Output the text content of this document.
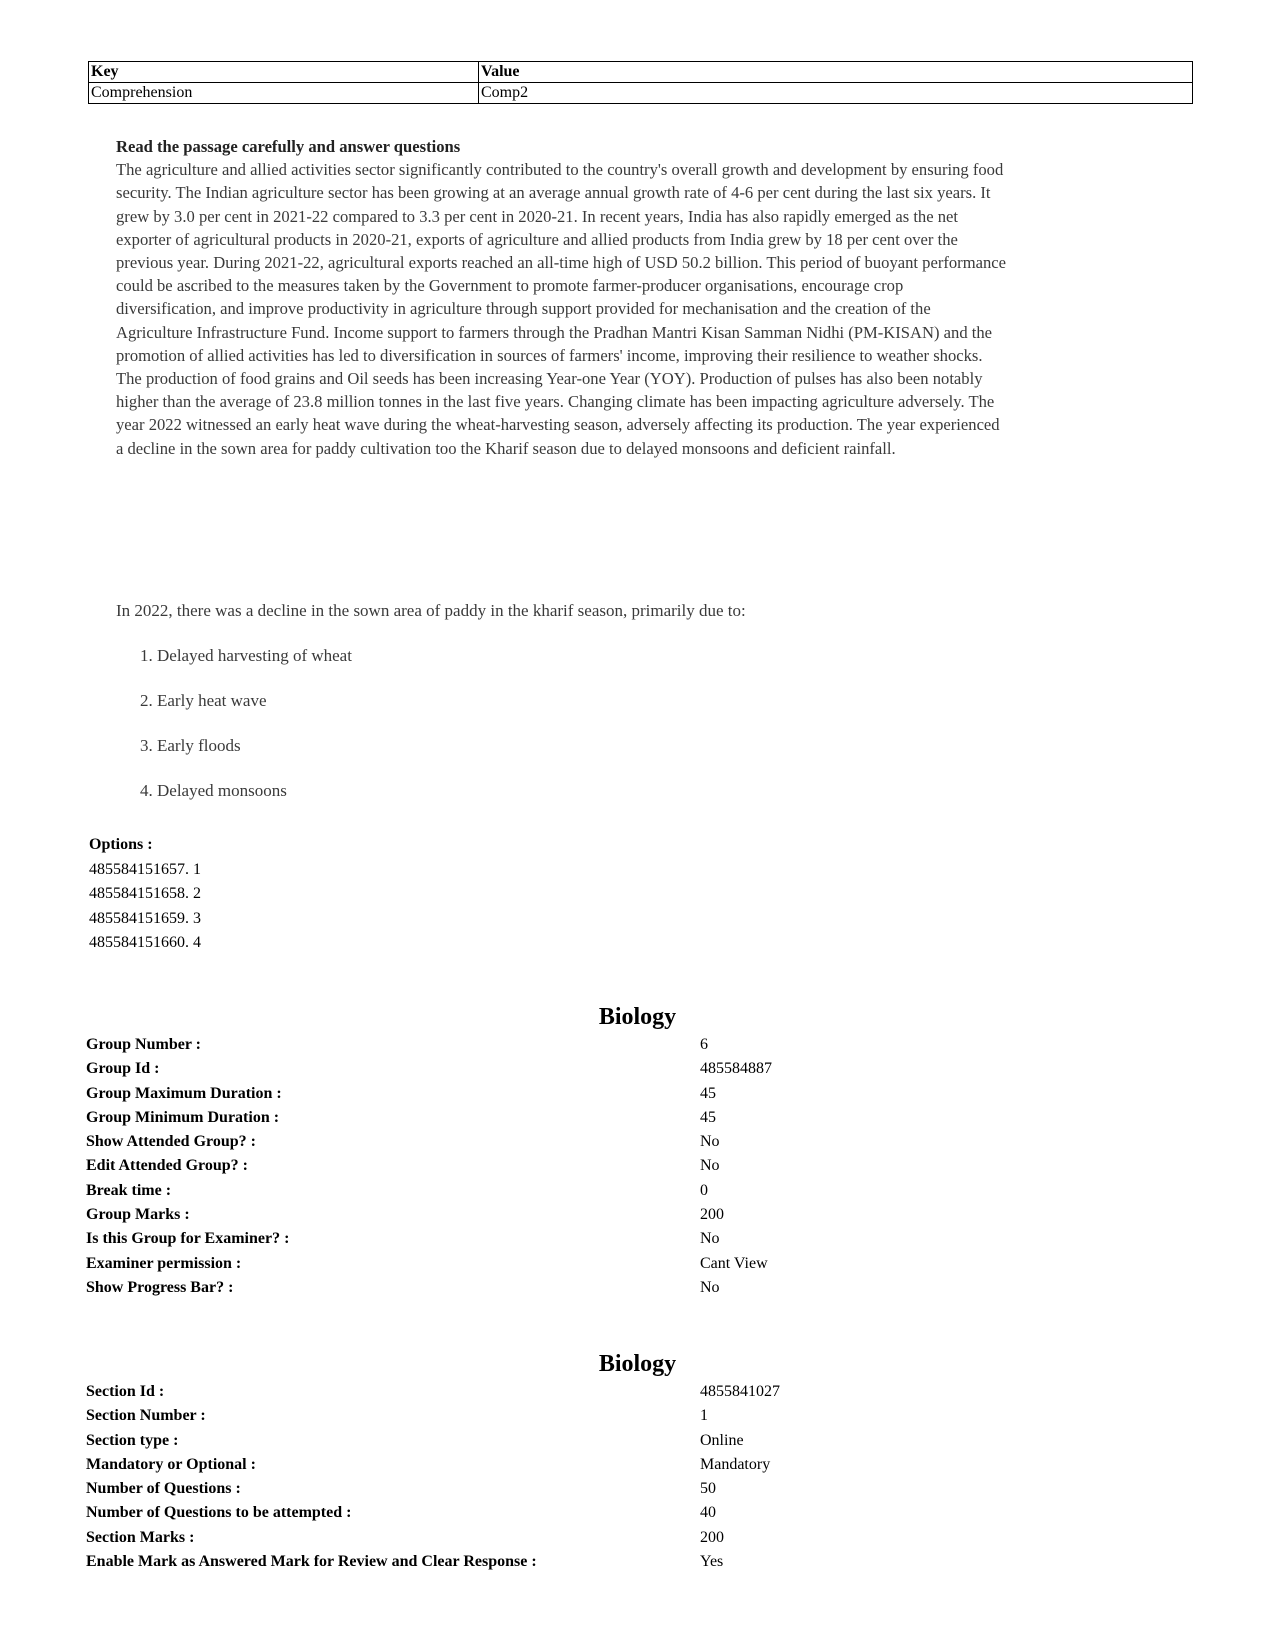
Key	Value
Comprehension	Comp2

Read the passage carefully and answer questions

The agriculture and allied activities sector significantly contributed to the country's overall growth and development by ensuring food security. The Indian agriculture sector has been growing at an average annual growth rate of 4-6 per cent during the last six years. It grew by 3.0 per cent in 2021-22 compared to 3.3 per cent in 2020-21. In recent years, India has also rapidly emerged as the net exporter of agricultural products in 2020-21, exports of agriculture and allied products from India grew by 18 per cent over the previous year. During 2021-22, agricultural exports reached an all-time high of USD 50.2 billion. This period of buoyant performance could be ascribed to the measures taken by the Government to promote farmer-producer organisations, encourage crop diversification, and improve productivity in agriculture through support provided for mechanisation and the creation of the Agriculture Infrastructure Fund. Income support to farmers through the Pradhan Mantri Kisan Samman Nidhi (PM-KISAN) and the promotion of allied activities has led to diversification in sources of farmers' income, improving their resilience to weather shocks. The production of food grains and Oil seeds has been increasing Year-one Year (YOY). Production of pulses has also been notably higher than the average of 23.8 million tonnes in the last five years. Changing climate has been impacting agriculture adversely. The year 2022 witnessed an early heat wave during the wheat-harvesting season, adversely affecting its production. The year experienced a decline in the sown area for paddy cultivation too the Kharif season due to delayed monsoons and deficient rainfall.

In 2022, there was a decline in the sown area of paddy in the kharif season, primarily due to:
1. Delayed harvesting of wheat
2. Early heat wave
3. Early floods
4. Delayed monsoons
Options :
485584151657. 1
485584151658. 2
485584151659. 3
485584151660. 4
Biology
Group Number :	6
Group Id :	485584887
Group Maximum Duration :	45
Group Minimum Duration :	45
Show Attended Group? :	No
Edit Attended Group? :	No
Break time :	0
Group Marks :	200
Is this Group for Examiner? :	No
Examiner permission :	Cant View
Show Progress Bar? :	No
Biology
Section Id :	4855841027
Section Number :	1
Section type :	Online
Mandatory or Optional :	Mandatory
Number of Questions :	50
Number of Questions to be attempted :	40
Section Marks :	200
Enable Mark as Answered Mark for Review and Clear Response :	Yes
